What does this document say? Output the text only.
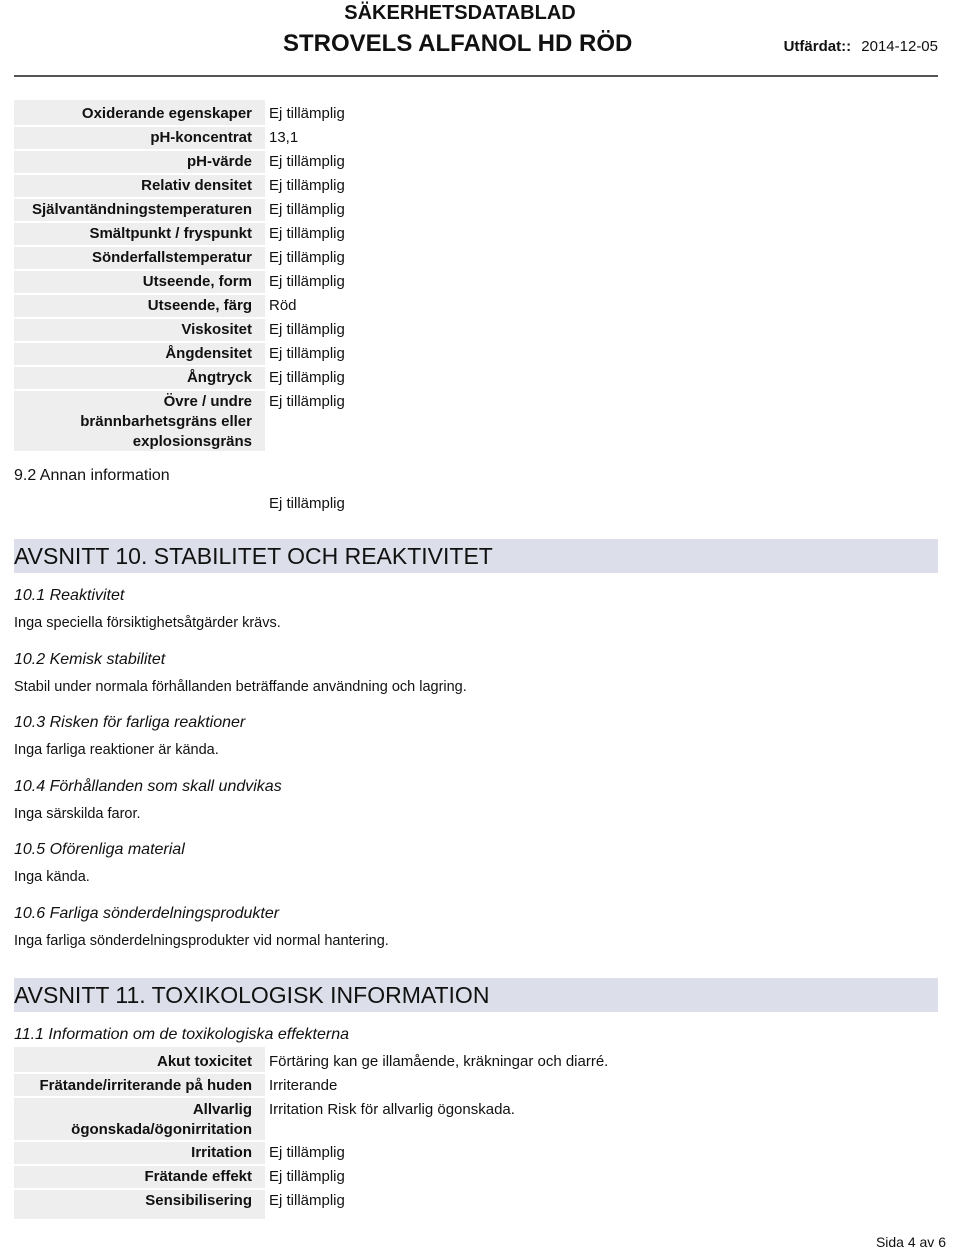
SÄKERHETSDATABLAD
STROVELS ALFANOL HD RÖD	Utfärdat:: 2014-12-05
Oxiderande egenskaper Ej tillämplig
pH-koncentrat 13,1
pH-värde Ej tillämplig
Relativ densitet Ej tillämplig
Självantändningstemperaturen Ej tillämplig
Smältpunkt / fryspunkt Ej tillämplig
Sönderfallstemperatur Ej tillämplig
Utseende, form Ej tillämplig
Utseende, färg Röd
Viskositet Ej tillämplig
Ångdensitet Ej tillämplig
Ångtryck Ej tillämplig
Övre / undre
brännbarhetsgräns eller
explosionsgräns
Ej tillämplig
9.2 Annan information
Ej tillämplig
AVSNITT 10. STABILITET OCH REAKTIVITET
10.1 Reaktivitet
Inga speciella försiktighetsåtgärder krävs.
10.2 Kemisk stabilitet
Stabil under normala förhållanden beträffande användning och lagring.
10.3 Risken för farliga reaktioner
Inga farliga reaktioner är kända.
10.4 Förhållanden som skall undvikas
Inga särskilda faror.
10.5 Oförenliga material
Inga kända.
10.6 Farliga sönderdelningsprodukter
Inga farliga sönderdelningsprodukter vid normal hantering.
AVSNITT 11. TOXIKOLOGISK INFORMATION
11.1 Information om de toxikologiska effekterna
Akut toxicitet Förtäring kan ge illamående, kräkningar och diarré.
Frätande/irriterande på huden Irriterande
Allvarlig
ögonskada/ögonirritation
Irritation Risk för allvarlig ögonskada.
Irritation Ej tillämplig
Frätande effekt Ej tillämplig
Sensibilisering Ej tillämplig
Sida 4 av 6
